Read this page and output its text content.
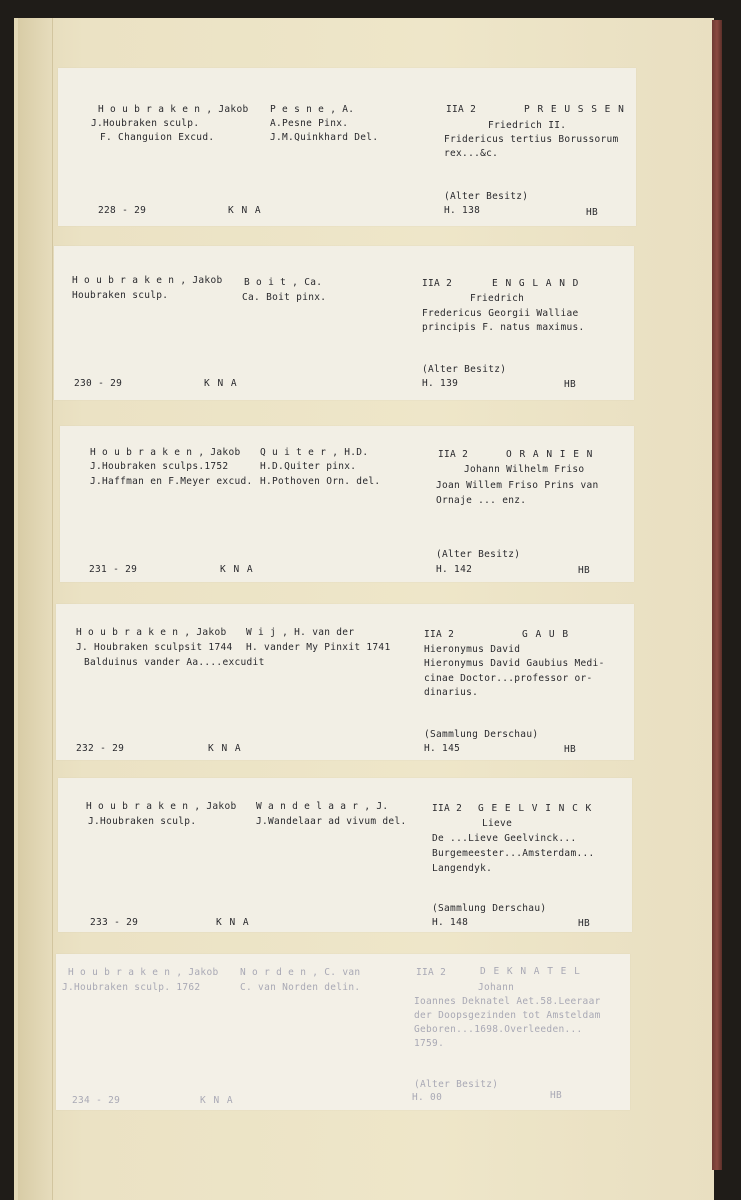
H o u b r a k e n , Jakob
J.Houbraken sculp.
F. Changuion Excud.
P e s n e , A.
A.Pesne Pinx.
J.M.Quinkhard Del.
IIA 2	P R E U S S E N
Friedrich II.
Fridericus tertius Borussorum
rex...&c.
(Alter Besitz)
228 - 29	K N A	H. 138	HB
H o u b r a k e n , Jakob
Houbraken sculp.
B o i t , Ca.
Ca. Boit pinx.
IIA 2	E N G L A N D
Friedrich
Fredericus Georgii Walliae
principis F. natus maximus.
(Alter Besitz)
230 - 29	K N A	H. 139	HB
H o u b r a k e n , Jakob
J.Houbraken sculps.1752
J.Haffman en F.Meyer excud.
Q u i t e r , H.D.
H.D.Quiter pinx.
H.Pothoven Orn. del.
IIA 2	O R A N I E N
Johann Wilhelm Friso
Joan Willem Friso Prins van
Ornaje ... enz.
(Alter Besitz)
231 - 29	K N A	H. 142	HB
H o u b r a k e n , Jakob
J. Houbraken sculpsit 1744
Balduinus vander Aa....excudit
W i j , H. van der
H. vander My Pinxit 1741
IIA 2	G A U B
Hieronymus David
Hieronymus David Gaubius Medi-
cinae Doctor...professor or-
dinarius.
(Sammlung Derschau)
232 - 29	K N A	H. 145	HB
H o u b r a k e n , Jakob
J.Houbraken sculp.
W a n d e l a a r , J.
J.Wandelaar ad vivum del.
IIA 2 G E E L V I N C K
Lieve
De ...Lieve Geelvinck...
Burgemeester...Amsterdam...
Langendyk.
(Sammlung Derschau)
233 - 29	K N A	H. 148	HB
H o u b r a k e n , Jakob
J.Houbraken sculp. 1762
N o r d e n , C. van
C. van Norden delin.
IIA 2	D E K N A T E L
Johann
Ioannes Deknatel Aet.58.Leeraar
der Doopsgezinden tot Amsteldam
Geboren...1698.Overleeden...
1759.
(Alter Besitz)
234 - 29	K N A	H. 00	HB
